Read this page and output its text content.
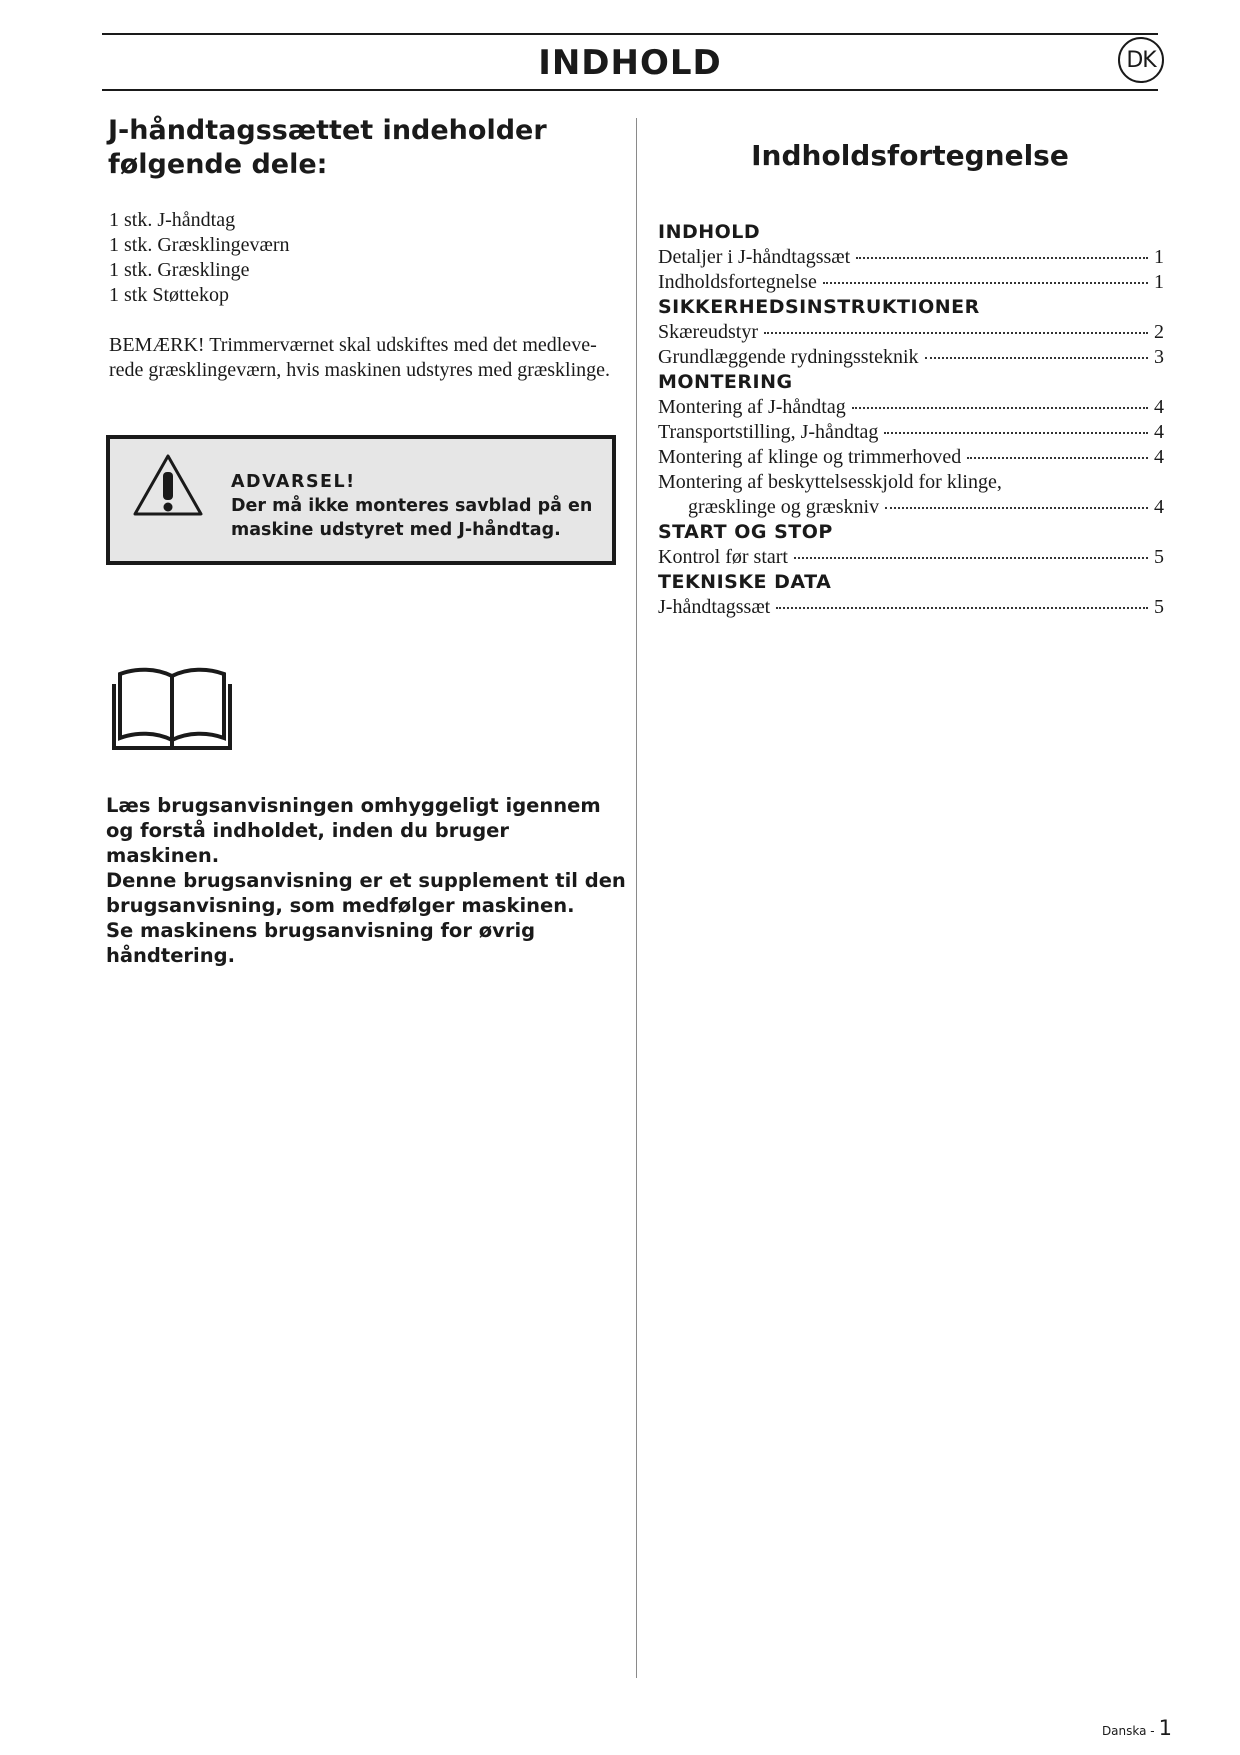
INDHOLD	DK
J-håndtagssættet indeholder følgende dele:
1 stk. J-håndtag
1 stk. Græsklingeværn
1 stk. Græsklinge
1 stk Støttekop

BEMÆRK! Trimmerværnet skal udskiftes med det medleve-rede græsklingeværn, hvis maskinen udstyres med græsklinge.

ADVARSEL!
Der må ikke monteres savblad på en maskine udstyret med J-håndtag.

Læs brugsanvisningen omhyggeligt igennem og forstå indholdet, inden du bruger maskinen.

Denne brugsanvisning er et supplement til den brugsanvisning, som medfølger maskinen.
Se maskinens brugsanvisning for øvrig håndtering.
Indholdsfortegnelse
INDHOLD
Detaljer i J-håndtagssæt	1
Indholdsfortegnelse	1
SIKKERHEDSINSTRUKTIONER
Skæreudstyr	2
Grundlæggende rydningssteknik	3
MONTERING
Montering af J-håndtag	4
Transportstilling, J-håndtag	4
Montering af klinge og trimmerhoved	4
Montering af beskyttelsesskjold for klinge,
græsklinge og græskniv	4
START OG STOP
Kontrol før start	5
TEKNISKE DATA
J-håndtagssæt	5
Danska - 1
